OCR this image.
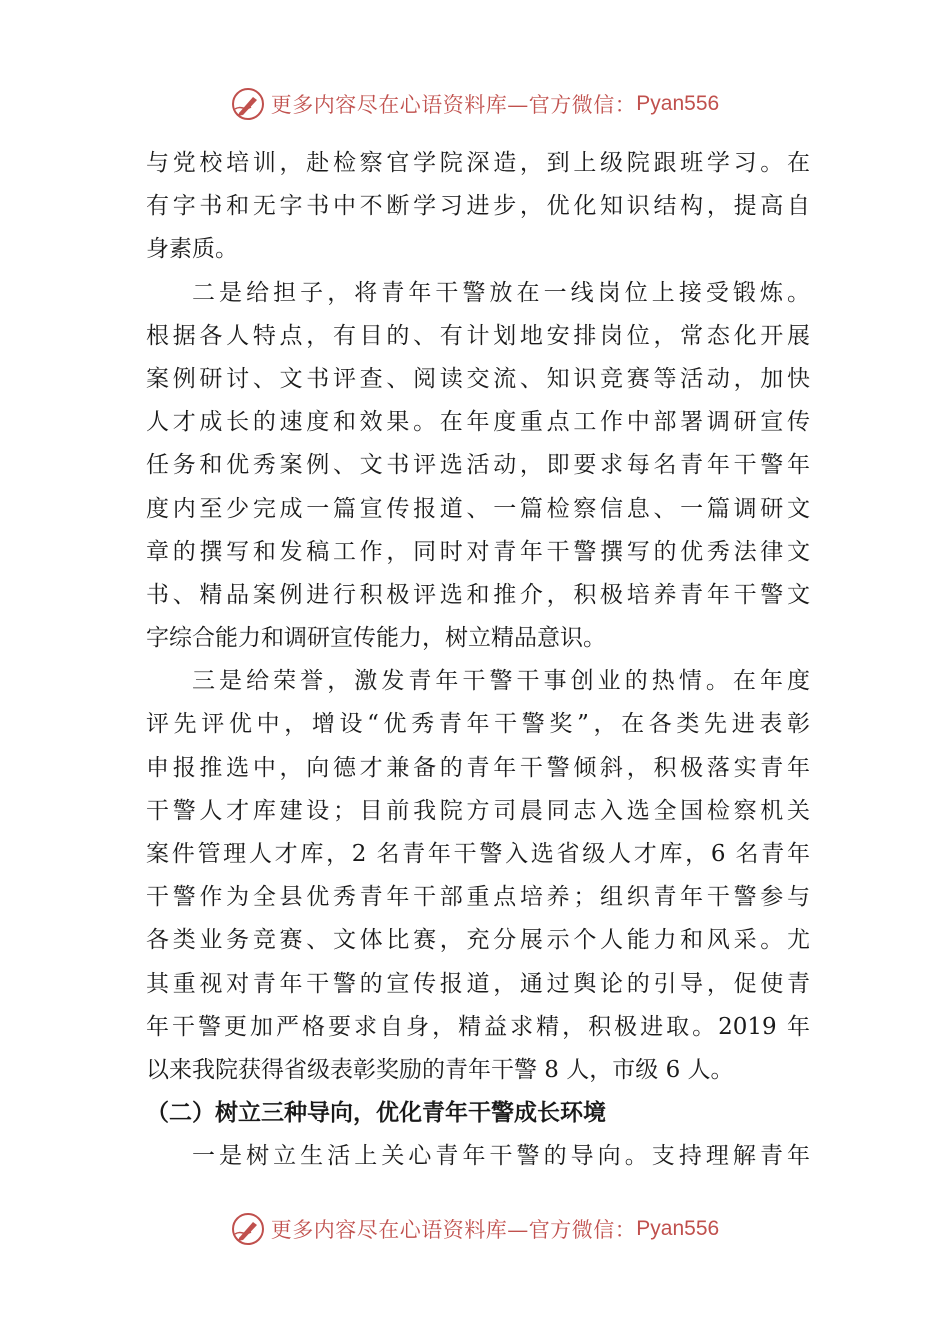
更多内容尽在心语资料库—官方微信： Pyan556
与党校培训，赴检察官学院深造，到上级院跟班学习。在
有字书和无字书中不断学习进步，优化知识结构，提高自
身素质。
二是给担子，将青年干警放在一线岗位上接受锻炼。
根据各人特点，有目的、有计划地安排岗位，常态化开展
案例研讨、文书评查、阅读交流、知识竞赛等活动，加快
人才成长的速度和效果。在年度重点工作中部署调研宣传
任务和优秀案例、文书评选活动，即要求每名青年干警年
度内至少完成一篇宣传报道、一篇检察信息、一篇调研文
章的撰写和发稿工作，同时对青年干警撰写的优秀法律文
书、精品案例进行积极评选和推介，积极培养青年干警文
字综合能力和调研宣传能力，树立精品意识。
三是给荣誉，激发青年干警干事创业的热情。在年度
评先评优中，增设“优秀青年干警奖”，在各类先进表彰
申报推选中，向德才兼备的青年干警倾斜，积极落实青年
干警人才库建设；目前我院方司晨同志入选全国检察机关
案件管理人才库，2 名青年干警入选省级人才库，6 名青年
干警作为全县优秀青年干部重点培养；组织青年干警参与
各类业务竞赛、文体比赛，充分展示个人能力和风采。尤
其重视对青年干警的宣传报道，通过舆论的引导，促使青
年干警更加严格要求自身，精益求精，积极进取。2019 年
以来我院获得省级表彰奖励的青年干警 8 人，市级 6 人。
（二）树立三种导向，优化青年干警成长环境
一是树立生活上关心青年干警的导向。支持理解青年
更多内容尽在心语资料库—官方微信： Pyan556
